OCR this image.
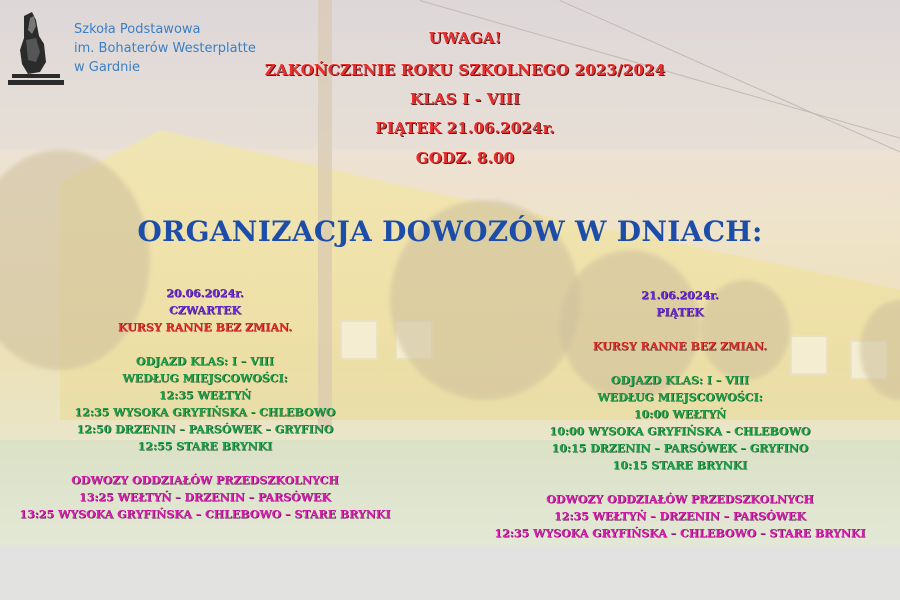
Szkoła Podstawowa
im. Bohaterów Westerplatte
w Gardnie
UWAGA!
ZAKOŃCZENIE ROKU SZKOLNEGO 2023/2024
KLAS I - VIII
PIĄTEK 21.06.2024r.
GODZ. 8.00
ORGANIZACJA DOWOZÓW W DNIACH:
20.06.2024r.
CZWARTEK
KURSY RANNE BEZ ZMIAN.
ODJAZD KLAS: I – VIII
WEDŁUG MIEJSCOWOŚCI:
12:35 WEŁTYŃ
12:35 WYSOKA GRYFIŃSKA - CHLEBOWO
12:50 DRZENIN – PARSÓWEK – GRYFINO
12:55 STARE BRYNKI
ODWOZY ODDZIAŁÓW PRZEDSZKOLNYCH
13:25 WEŁTYŃ – DRZENIN – PARSÓWEK
13:25 WYSOKA GRYFIŃSKA – CHLEBOWO – STARE BRYNKI
21.06.2024r.
PIĄTEK
KURSY RANNE BEZ ZMIAN.
ODJAZD KLAS: I – VIII
WEDŁUG MIEJSCOWOŚCI:
10:00 WEŁTYŃ
10:00 WYSOKA GRYFIŃSKA - CHLEBOWO
10:15 DRZENIN – PARSÓWEK – GRYFINO
10:15 STARE BRYNKI
ODWOZY ODDZIAŁÓW PRZEDSZKOLNYCH
12:35 WEŁTYŃ – DRZENIN – PARSÓWEK
12:35 WYSOKA GRYFIŃSKA – CHLEBOWO – STARE BRYNKI
